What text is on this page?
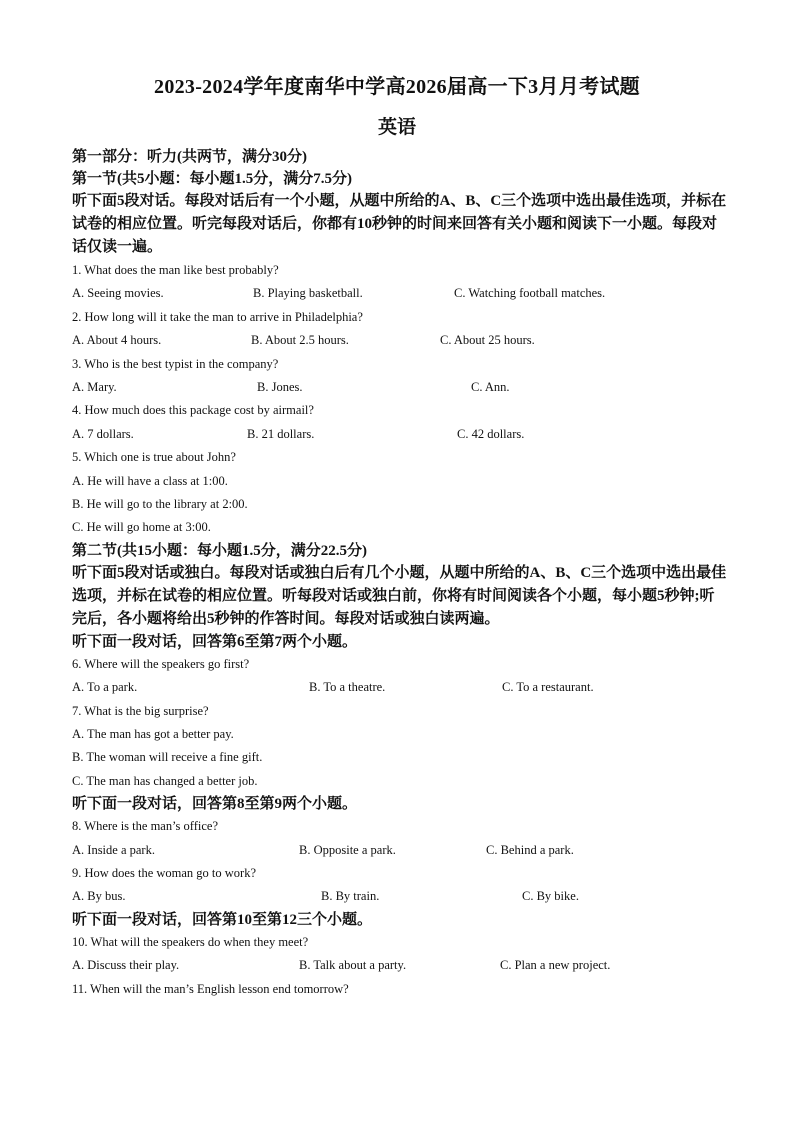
2023-2024学年度南华中学高2026届高一下3月月考试题
英语

第一部分：听力(共两节，满分30分)

第一节(共5小题：每小题1.5分，满分7.5分)

听下面5段对话。每段对话后有一个小题，从题中所给的A、B、C三个选项中选出最佳选项，并标在试卷的相应位置。听完每段对话后，你都有10秒钟的时间来回答有关小题和阅读下一小题。每段对话仅读一遍。

1. What does the man like best probably?

A. Seeing movies.	B. Playing basketball.	C. Watching football matches.

2. How long will it take the man to arrive in Philadelphia?

A. About 4 hours.	B. About 2.5 hours.	C. About 25 hours.

3. Who is the best typist in the company?

A. Mary.	B. Jones.	C. Ann.

4. How much does this package cost by airmail?

A. 7 dollars.	B. 21 dollars.	C. 42 dollars.

5. Which one is true about John?

A. He will have a class at 1:00.

B. He will go to the library at 2:00.

C. He will go home at 3:00.

第二节(共15小题：每小题1.5分，满分22.5分)

听下面5段对话或独白。每段对话或独白后有几个小题，从题中所给的A、B、C三个选项中选出最佳选项，并标在试卷的相应位置。听每段对话或独白前，你将有时间阅读各个小题，每小题5秒钟;听完后，各小题将给出5秒钟的作答时间。每段对话或独白读两遍。

听下面一段对话，回答第6至第7两个小题。

6. Where will the speakers go first?

A. To a park.	B. To a theatre.	C. To a restaurant.

7. What is the big surprise?

A. The man has got a better pay.

B. The woman will receive a fine gift.

C. The man has changed a better job.

听下面一段对话，回答第8至第9两个小题。

8. Where is the man’s office?

A. Inside a park.	B. Opposite a park.	C. Behind a park.

9. How does the woman go to work?

A. By bus.	B. By train.	C. By bike.

听下面一段对话，回答第10至第12三个小题。

10. What will the speakers do when they meet?

A. Discuss their play.	B. Talk about a party.	C. Plan a new project.

11. When will the man’s English lesson end tomorrow?
